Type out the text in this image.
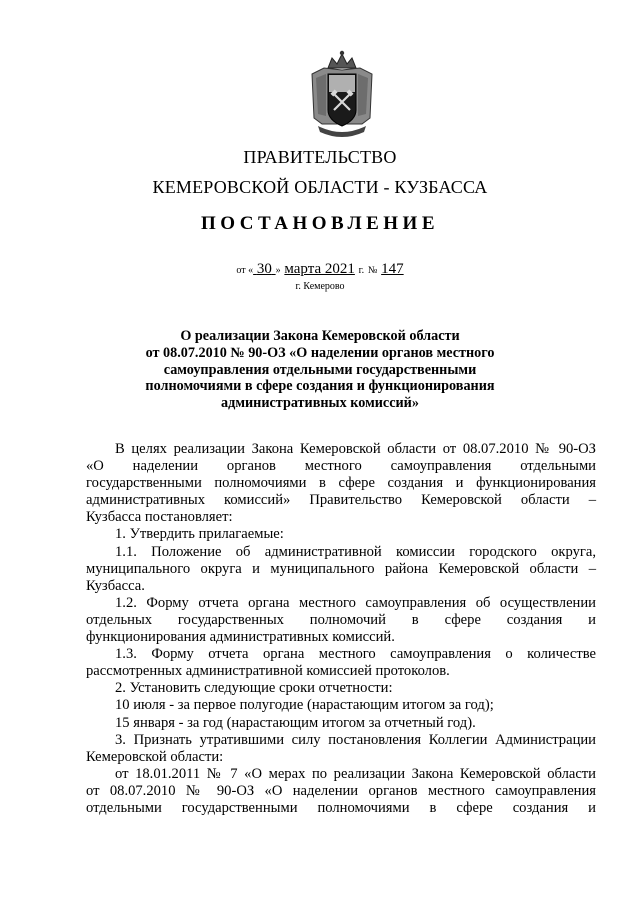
ПРАВИТЕЛЬСТВО
КЕМЕРОВСКОЙ ОБЛАСТИ - КУЗБАССА
ПОСТАНОВЛЕНИЕ
от « 30 » марта 2021 г. № 147
г. Кемерово
О реализации Закона Кемеровской области
от 08.07.2010 № 90-ОЗ «О наделении органов местного
самоуправления отдельными государственными
полномочиями в сфере создания и функционирования
административных комиссий»
В целях реализации Закона Кемеровской области от 08.07.2010 № 90-ОЗ
«О наделении органов местного самоуправления отдельными
государственными полномочиями в сфере создания и функционирования
административных комиссий» Правительство Кемеровской области –
Кузбасса постановляет:
1. Утвердить прилагаемые:
1.1. Положение об административной комиссии городского округа,
муниципального округа и муниципального района Кемеровской области –
Кузбасса.
1.2. Форму отчета органа местного самоуправления об осуществлении
отдельных государственных полномочий в сфере создания и
функционирования административных комиссий.
1.3. Форму отчета органа местного самоуправления о количестве
рассмотренных административной комиссией протоколов.
2. Установить следующие сроки отчетности:
10 июля - за первое полугодие (нарастающим итогом за год);
15 января - за год (нарастающим итогом за отчетный год).
3. Признать утратившими силу постановления Коллегии Администрации
Кемеровской области:
от 18.01.2011 № 7 «О мерах по реализации Закона Кемеровской области
от 08.07.2010 № 90-ОЗ «О наделении органов местного самоуправления
отдельными государственными полномочиями в сфере создания и
